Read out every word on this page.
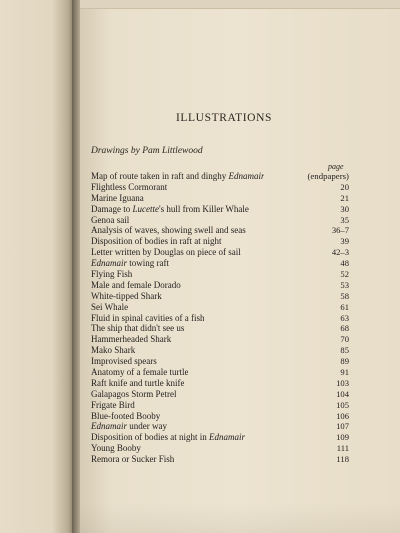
ILLUSTRATIONS
Drawings by Pam Littlewood
page
Map of route taken in raft and dinghy Ednamair	(endpapers)
Flightless Cormorant	20
Marine Iguana	21
Damage to Lucette's hull from Killer Whale	30
Genoa sail	35
Analysis of waves, showing swell and seas	36–7
Disposition of bodies in raft at night	39
Letter written by Douglas on piece of sail	42–3
Ednamair towing raft	48
Flying Fish	52
Male and female Dorado	53
White-tipped Shark	58
Sei Whale	61
Fluid in spinal cavities of a fish	63
The ship that didn't see us	68
Hammerheaded Shark	70
Mako Shark	85
Improvised spears	89
Anatomy of a female turtle	91
Raft knife and turtle knife	103
Galapagos Storm Petrel	104
Frigate Bird	105
Blue-footed Booby	106
Ednamair under way	107
Disposition of bodies at night in Ednamair	109
Young Booby	111
Remora or Sucker Fish	118
